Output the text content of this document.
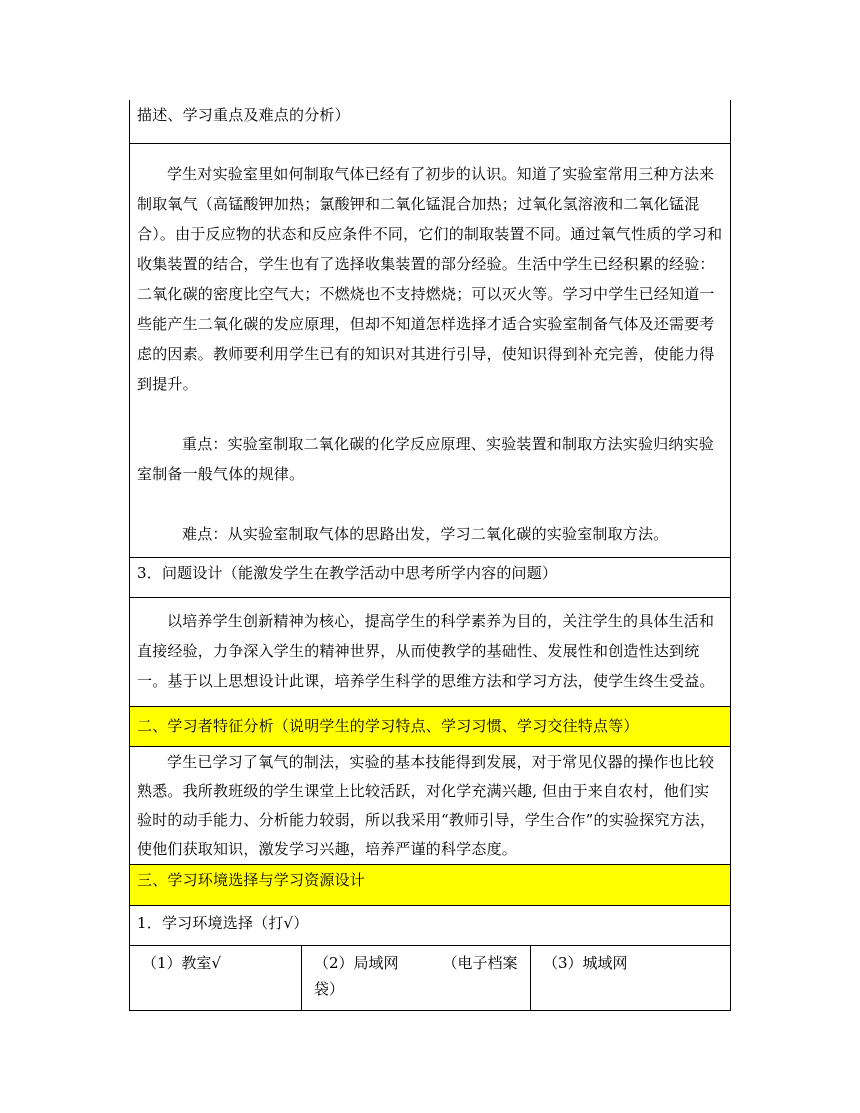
描述、学习重点及难点的分析）

学生对实验室里如何制取气体已经有了初步的认识。知道了实验室常用三种方法来制取氧气（高锰酸钾加热；氯酸钾和二氧化锰混合加热；过氧化氢溶液和二氧化锰混合）。由于反应物的状态和反应条件不同，它们的制取装置不同。通过氧气性质的学习和收集装置的结合，学生也有了选择收集装置的部分经验。生活中学生已经积累的经验：二氧化碳的密度比空气大；不燃烧也不支持燃烧；可以灭火等。学习中学生已经知道一些能产生二氧化碳的发应原理，但却不知道怎样选择才适合实验室制备气体及还需要考虑的因素。教师要利用学生已有的知识对其进行引导，使知识得到补充完善，使能力得到提升。

重点：实验室制取二氧化碳的化学反应原理、实验装置和制取方法实验归纳实验室制备一般气体的规律。

难点：从实验室制取气体的思路出发，学习二氧化碳的实验室制取方法。

3．问题设计（能激发学生在教学活动中思考所学内容的问题）

以培养学生创新精神为核心，提高学生的科学素养为目的，关注学生的具体生活和直接经验，力争深入学生的精神世界，从而使教学的基础性、发展性和创造性达到统一。基于以上思想设计此课，培养学生科学的思维方法和学习方法，使学生终生受益。

二、学习者特征分析（说明学生的学习特点、学习习惯、学习交往特点等）

学生已学习了氧气的制法，实验的基本技能得到发展，对于常见仪器的操作也比较熟悉。我所教班级的学生课堂上比较活跃，对化学充满兴趣, 但由于来自农村，他们实验时的动手能力、分析能力较弱，所以我采用“教师引导，学生合作”的实验探究方法，使他们获取知识，激发学习兴趣，培养严谨的科学态度。

三、学习环境选择与学习资源设计

1．学习环境选择（打√）

（1）教室√	（2）局域网	（电子档案袋）
（3）城域网
